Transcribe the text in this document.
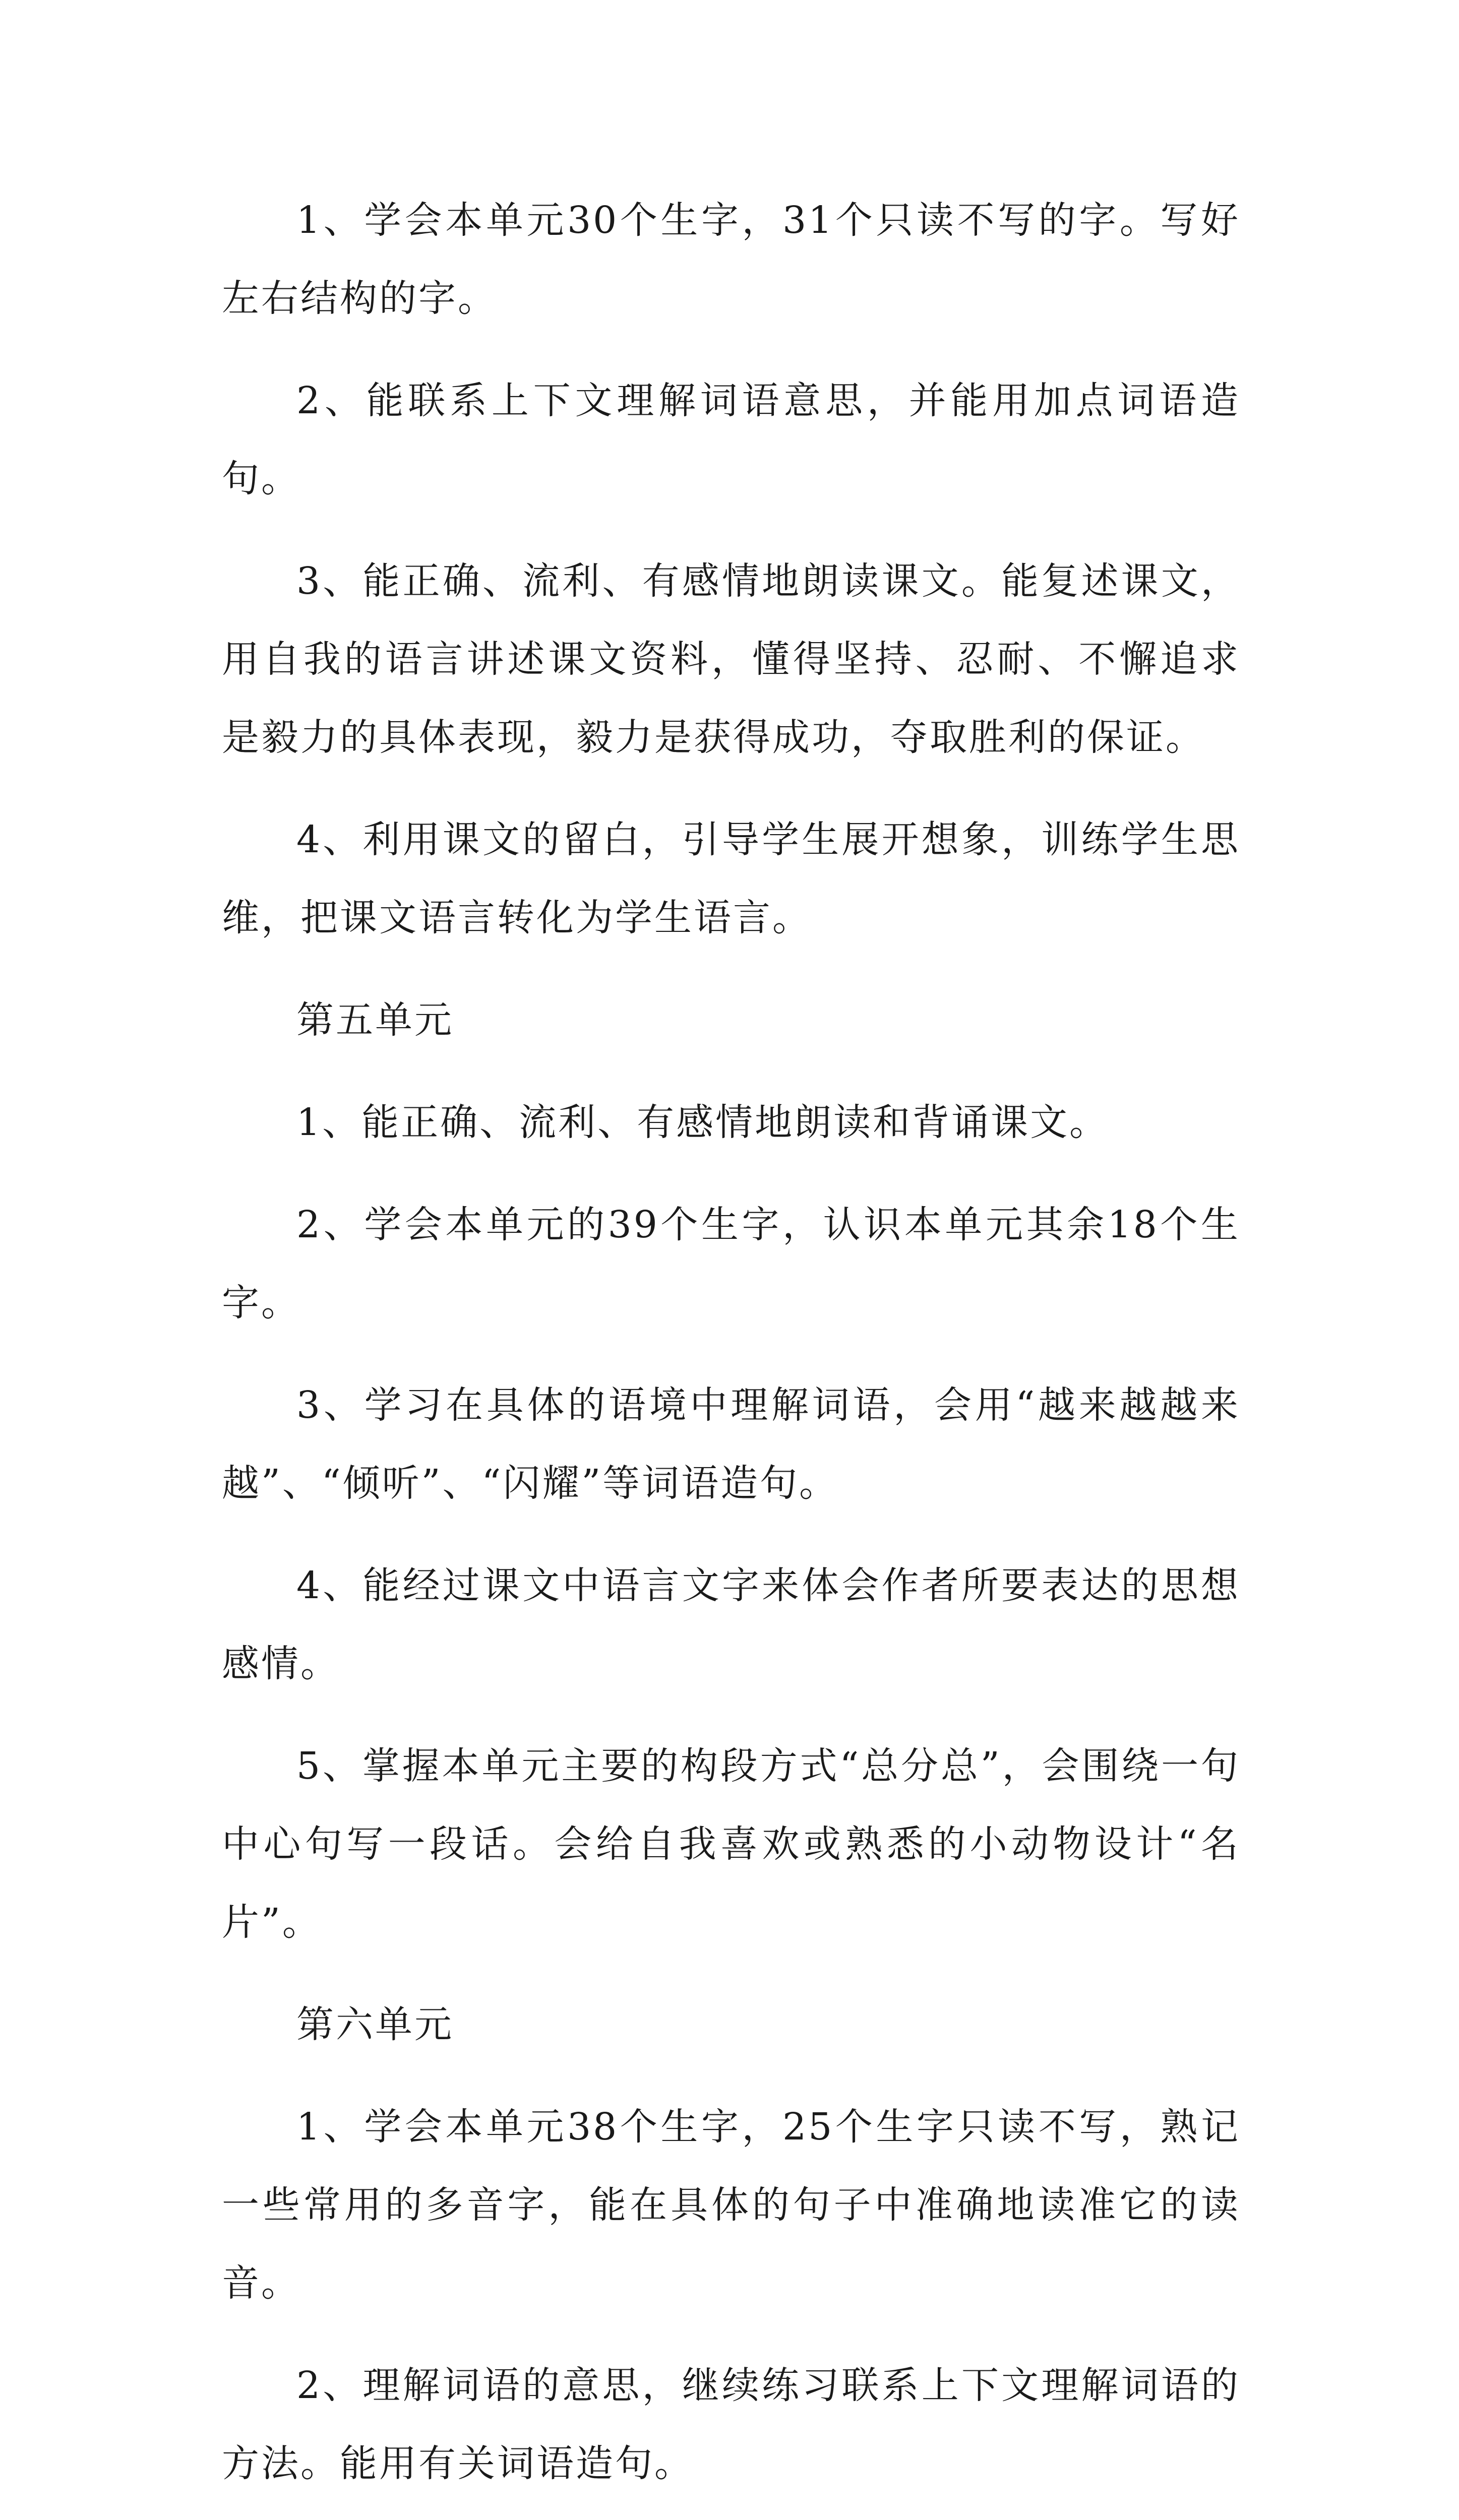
1、学会本单元30个生字，31个只读不写的字。写好左右结构的字。

2、能联系上下文理解词语意思，并能用加点词语造句。

3、能正确、流利、有感情地朗读课文。能复述课文，用自我的语言讲述课文资料，懂得坚持、忍耐、不懈追求是毅力的具体表现，毅力是获得成功，夺取胜利的保证。

4、利用课文的留白，引导学生展开想象，训练学生思维，把课文语言转化为学生语言。

第五单元

1、能正确、流利、有感情地朗读和背诵课文。

2、学会本单元的39个生字，认识本单元其余18个生字。

3、学习在具体的语境中理解词语，会用“越来越越来越”、“倾听”、“闪耀”等词语造句。

4、能经过课文中语言文字来体会作者所要表达的思想感情。

5、掌握本单元主要的构段方式“总分总”，会围绕一句中心句写一段话。会给自我喜欢或熟悉的小动物设计“名片”。

第六单元

1、学会本单元38个生字，25个生字只读不写，熟记一些常用的多音字，能在具体的句子中准确地读准它的读音。

2、理解词语的意思，继续练习联系上下文理解词语的方法。能用有关词语造句。
